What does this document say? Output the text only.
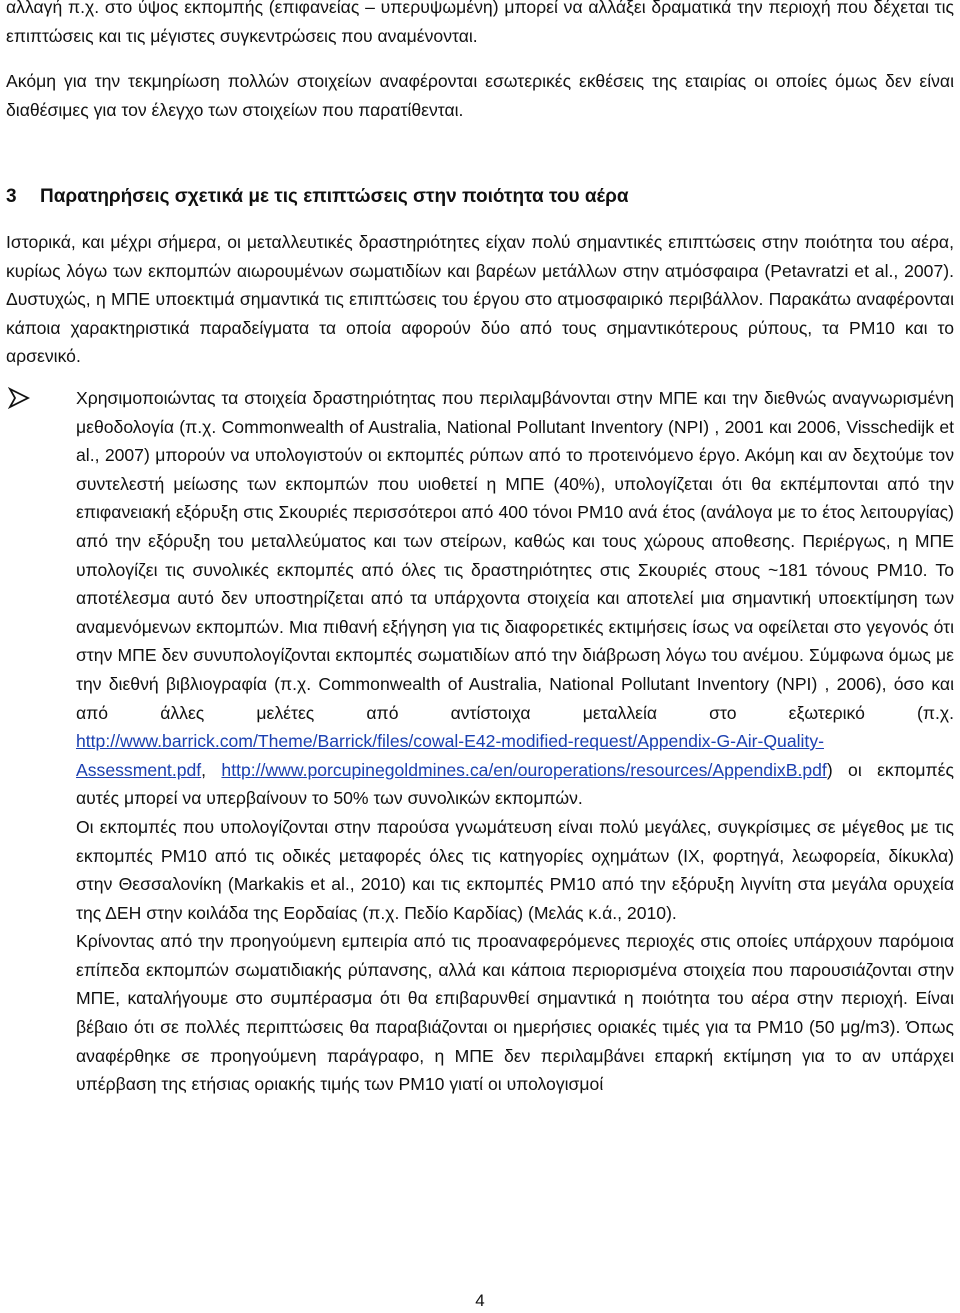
αλλαγή π.χ. στο ύψος εκπομπής (επιφανείας – υπερυψωμένη) μπορεί να αλλάξει δραματικά την περιοχή που δέχεται τις επιπτώσεις και τις μέγιστες συγκεντρώσεις που αναμένονται.

Ακόμη για την τεκμηρίωση πολλών στοιχείων αναφέρονται εσωτερικές εκθέσεις της εταιρίας οι οποίες όμως δεν είναι διαθέσιμες για τον έλεγχο των στοιχείων που παρατίθενται.

3 Παρατηρήσεις σχετικά με τις επιπτώσεις στην ποιότητα του αέρα

Ιστορικά, και μέχρι σήμερα, οι μεταλλευτικές δραστηριότητες είχαν πολύ σημαντικές επιπτώσεις στην ποιότητα του αέρα, κυρίως λόγω των εκπομπών αιωρουμένων σωματιδίων και βαρέων μετάλλων στην ατμόσφαιρα (Petavratzi et al., 2007). Δυστυχώς, η ΜΠΕ υποεκτιμά σημαντικά τις επιπτώσεις του έργου στο ατμοσφαιρικό περιβάλλον. Παρακάτω αναφέρονται κάποια χαρακτηριστικά παραδείγματα τα οποία αφορούν δύο από τους σημαντικότερους ρύπους, τα PM10 και το αρσενικό.

Χρησιμοποιώντας τα στοιχεία δραστηριότητας που περιλαμβάνονται στην ΜΠΕ και την διεθνώς αναγνωρισμένη μεθοδολογία (π.χ. Commonwealth of Australia, National Pollutant Inventory (NPI) , 2001 και 2006, Visschedijk et al., 2007) μπορούν να υπολογιστούν οι εκπομπές ρύπων από το προτεινόμενο έργο. Ακόμη και αν δεχτούμε τον συντελεστή μείωσης των εκπομπών που υιοθετεί η ΜΠΕ (40%), υπολογίζεται ότι θα εκπέμπονται από την επιφανειακή εξόρυξη στις Σκουριές περισσότεροι από 400 τόνοι PM10 ανά έτος (ανάλογα με το έτος λειτουργίας) από την εξόρυξη του μεταλλεύματος και των στείρων, καθώς και τους χώρους αποθεσης. Περιέργως, η ΜΠΕ υπολογίζει τις συνολικές εκπομπές από όλες τις δραστηριότητες στις Σκουριές στους ~181 τόνους PM10. Το αποτέλεσμα αυτό δεν υποστηρίζεται από τα υπάρχοντα στοιχεία και αποτελεί μια σημαντική υποεκτίμηση των αναμενόμενων εκπομπών. Μια πιθανή εξήγηση για τις διαφορετικές εκτιμήσεις ίσως να οφείλεται στο γεγονός ότι στην ΜΠΕ δεν συνυπολογίζονται εκπομπές σωματιδίων από την διάβρωση λόγω του ανέμου. Σύμφωνα όμως με την διεθνή βιβλιογραφία (π.χ. Commonwealth of Australia, National Pollutant Inventory (NPI) , 2006), όσο και από άλλες μελέτες από αντίστοιχα μεταλλεία στο εξωτερικό (π.χ. http://www.barrick.com/Theme/Barrick/files/cowal-E42-modified-request/Appendix-G-Air-Quality-Assessment.pdf, http://www.porcupinegoldmines.ca/en/ouroperations/resources/AppendixB.pdf) οι εκπομπές αυτές μπορεί να υπερβαίνουν το 50% των συνολικών εκπομπών.

Οι εκπομπές που υπολογίζονται στην παρούσα γνωμάτευση είναι πολύ μεγάλες, συγκρίσιμες σε μέγεθος με τις εκπομπές PM10 από τις οδικές μεταφορές όλες τις κατηγορίες οχημάτων (ΙΧ, φορτηγά, λεωφορεία, δίκυκλα) στην Θεσσαλονίκη (Markakis et al., 2010) και τις εκπομπές PM10 από την εξόρυξη λιγνίτη στα μεγάλα ορυχεία της ΔΕΗ στην κοιλάδα της Εορδαίας (π.χ. Πεδίο Καρδίας) (Μελάς κ.ά., 2010).

Κρίνοντας από την προηγούμενη εμπειρία από τις προαναφερόμενες περιοχές στις οποίες υπάρχουν παρόμοια επίπεδα εκπομπών σωματιδιακής ρύπανσης, αλλά και κάποια περιορισμένα στοιχεία που παρουσιάζονται στην ΜΠΕ, καταλήγουμε στο συμπέρασμα ότι θα επιβαρυνθεί σημαντικά η ποιότητα του αέρα στην περιοχή. Είναι βέβαιο ότι σε πολλές περιπτώσεις θα παραβιάζονται οι ημερήσιες οριακές τιμές για τα PM10 (50 μg/m3). Όπως αναφέρθηκε σε προηγούμενη παράγραφο, η ΜΠΕ δεν περιλαμβάνει επαρκή εκτίμηση για το αν υπάρχει υπέρβαση της ετήσιας οριακής τιμής των PM10 γιατί οι υπολογισμοί

4
